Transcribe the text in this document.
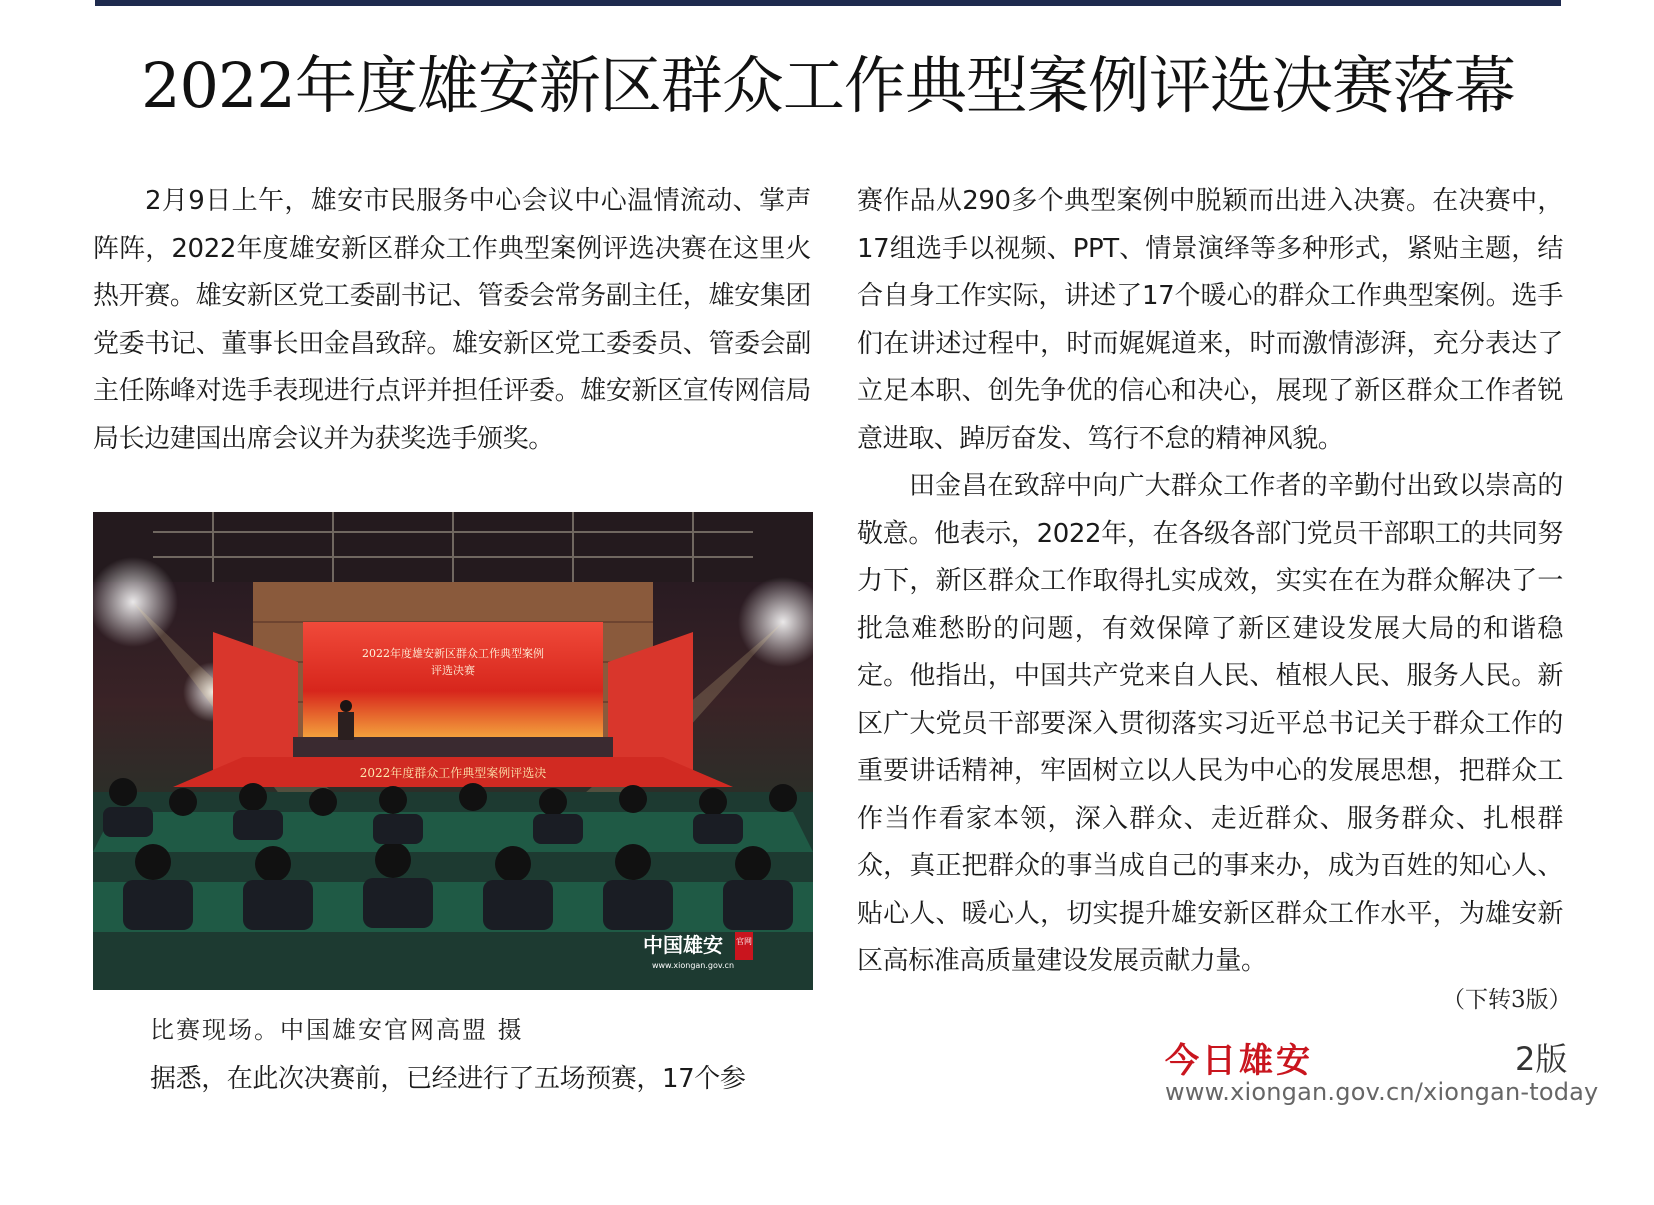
2022年度雄安新区群众工作典型案例评选决赛落幕

2月9日上午，雄安市民服务中心会议中心温情流动、掌声阵阵，2022年度雄安新区群众工作典型案例评选决赛在这里火热开赛。雄安新区党工委副书记、管委会常务副主任，雄安集团党委书记、董事长田金昌致辞。雄安新区党工委委员、管委会副主任陈峰对选手表现进行点评并担任评委。雄安新区宣传网信局局长边建国出席会议并为获奖选手颁奖。

2022年度雄安新区群众工作典型案例
评选决赛
2022年度群众工作典型案例评选决
中国雄安 官网
www.xiongan.gov.cn
比赛现场。中国雄安官网高盟 摄
据悉，在此次决赛前，已经进行了五场预赛，17个参

赛作品从290多个典型案例中脱颖而出进入决赛。在决赛中，17组选手以视频、PPT、情景演绎等多种形式，紧贴主题，结合自身工作实际，讲述了17个暖心的群众工作典型案例。选手们在讲述过程中，时而娓娓道来，时而激情澎湃，充分表达了立足本职、创先争优的信心和决心，展现了新区群众工作者锐意进取、踔厉奋发、笃行不怠的精神风貌。

田金昌在致辞中向广大群众工作者的辛勤付出致以崇高的敬意。他表示，2022年，在各级各部门党员干部职工的共同努力下，新区群众工作取得扎实成效，实实在在为群众解决了一批急难愁盼的问题，有效保障了新区建设发展大局的和谐稳定。他指出，中国共产党来自人民、植根人民、服务人民。新区广大党员干部要深入贯彻落实习近平总书记关于群众工作的重要讲话精神，牢固树立以人民为中心的发展思想，把群众工作当作看家本领，深入群众、走近群众、服务群众、扎根群众，真正把群众的事当成自己的事来办，成为百姓的知心人、贴心人、暖心人，切实提升雄安新区群众工作水平，为雄安新区高标准高质量建设发展贡献力量。

（下转3版）
今日雄安	2版
www.xiongan.gov.cn/xiongan-today
